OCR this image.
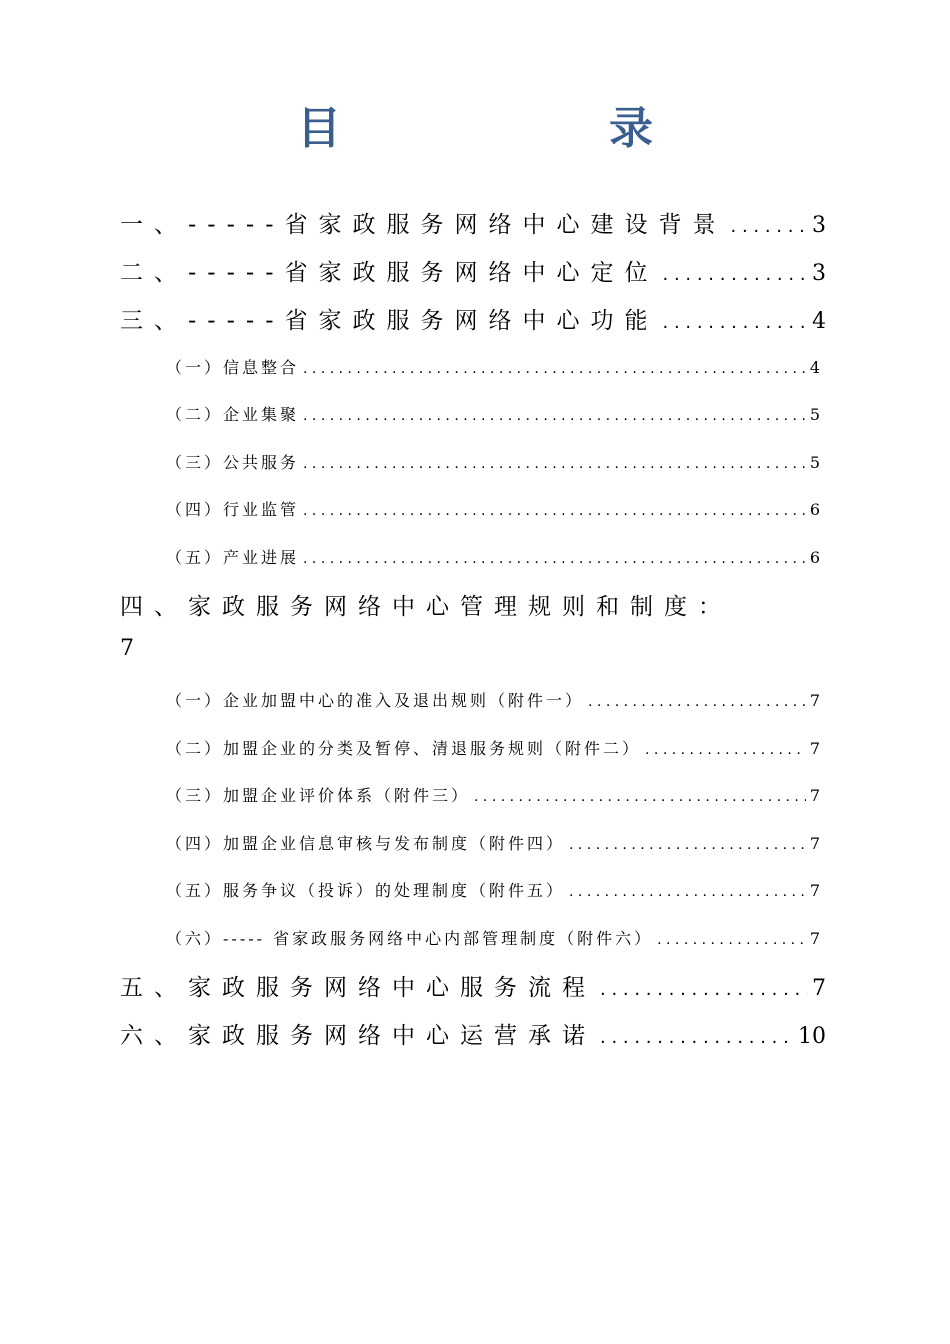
目　　录
一、-----省家政服务网络中心建设背景 . . .	3
二、-----省家政服务网络中心定位 . . .	3
三、-----省家政服务网络中心功能 . . .	4
（一）信息整合 . . .	4
（二）企业集聚 . . .	5
（三）公共服务 . . .	5
（四）行业监管 . . .	6
（五）产业进展 . . .	6
四、家政服务网络中心管理规则和制度：
7
（一）企业加盟中心的准入及退出规则（附件一） . . .	7
（二）加盟企业的分类及暂停、清退服务规则（附件二） . . .	7
（三）加盟企业评价体系（附件三） . . .	7
（四）加盟企业信息审核与发布制度（附件四） . . .	7
（五）服务争议（投诉）的处理制度（附件五） . . .	7
（六）----- 省家政服务网络中心内部管理制度（附件六） . . .	7
五、家政服务网络中心服务流程 . . .	7
六、家政服务网络中心运营承诺 . . .	10
